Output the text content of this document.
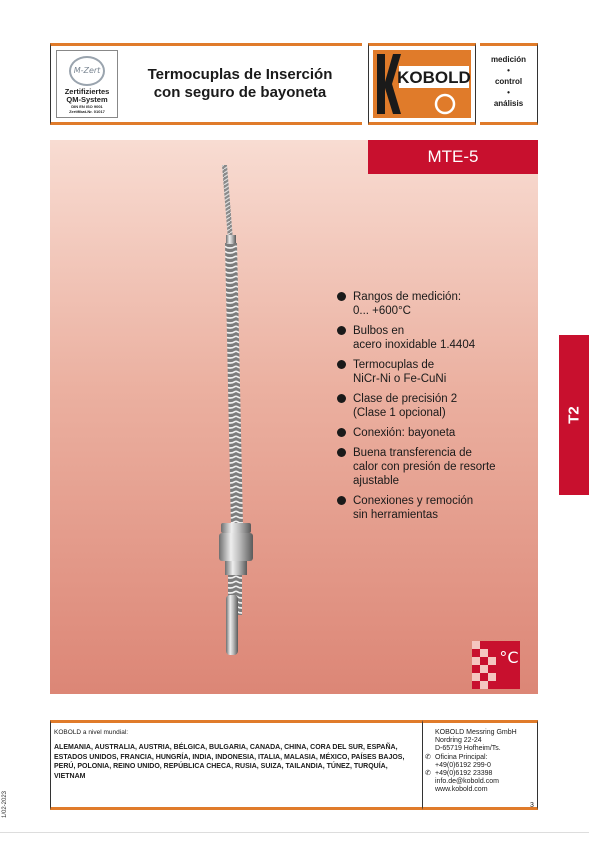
M-Zert
Zertifiziertes
QM-System
DIN EN ISO 9001
Zertifikat-Nr. 01017
Termocuplas de Inserción
con seguro de bayoneta
KOBOLD
medición
•
control
•
análisis
MTE-5
Rangos de medición:
0... +600°C
Bulbos en
acero inoxidable 1.4404
Termocuplas de
NiCr-Ni o Fe-CuNi
Clase de precisión 2
(Clase 1 opcional)
Conexión: bayoneta
Buena transferencia de
calor con presión de resorte
ajustable
Conexiones y remoción
sin herramientas
°C
T2
KOBOLD a nivel mundial:
ALEMANIA, AUSTRALIA, AUSTRIA, BÉLGICA, BULGARIA, CANADA, CHINA, CORA DEL SUR, ESPAÑA, ESTADOS UNIDOS, FRANCIA, HUNGRÍA, INDIA, INDONESIA, ITALIA, MALASIA, MÉXICO, PAÍSES BAJOS, PERÚ, POLONIA, REINO UNIDO, REPÚBLICA CHECA, RUSIA, SUIZA, TAILANDIA, TÚNEZ, TURQUÍA, VIETNAM
KOBOLD Messring GmbH
Nordring 22-24
D-65719 Hofheim/Ts.
✆ Oficina Principal:
+49(0)6192 299-0
✆ +49(0)6192 23398
info.de@kobold.com
www.kobold.com
3
1/02-2023
